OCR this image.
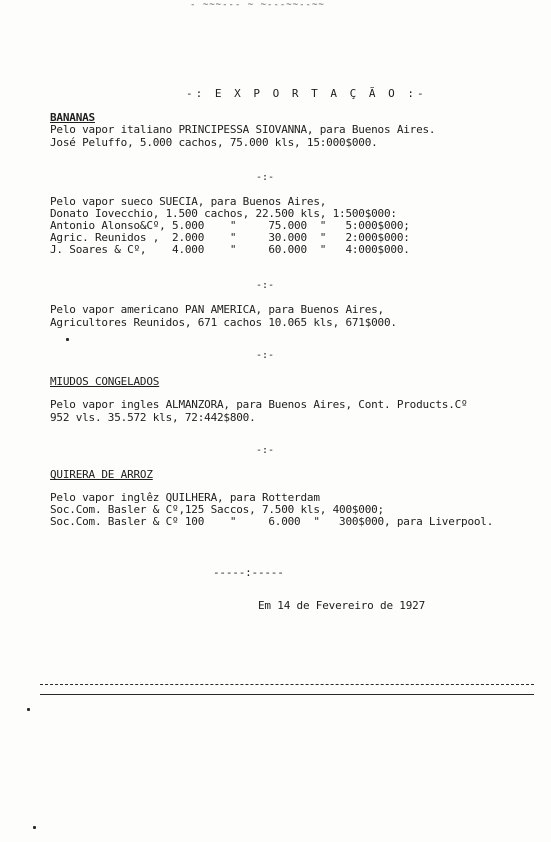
- ~~~--- ~ ~---~~--~~
-: E X P O R T A Ç Ã O :-
BANANAS
Pelo vapor italiano PRINCIPESSA SIOVANNA, para Buenos Aires.
José Peluffo, 5.000 cachos, 75.000 kls, 15:000$000.
-:-
Pelo vapor sueco SUECIA, para Buenos Aires,
Donato Iovecchio, 1.500 cachos, 22.500 kls, 1:500$000:
Antonio Alonso&Cº, 5.000    "     75.000  "   5:000$000;
Agric. Reunidos ,  2.000    "     30.000  "   2:000$000:
J. Soares & Cº,    4.000    "     60.000  "   4:000$000.
-:-
Pelo vapor americano PAN AMERICA, para Buenos Aires,
Agricultores Reunidos, 671 cachos 10.065 kls, 671$000.
-:-
MIUDOS CONGELADOS
Pelo vapor ingles ALMANZORA, para Buenos Aires, Cont. Products.Cº
952 vls. 35.572 kls, 72:442$800.
-:-
QUIRERA DE ARROZ
Pelo vapor inglêz QUILHERA, para Rotterdam
Soc.Com. Basler & Cº,125 Saccos, 7.500 kls, 400$000;
Soc.Com. Basler & Cº 100    "     6.000  "   300$000, para Liverpool.
-----:-----
Em 14 de Fevereiro de 1927
